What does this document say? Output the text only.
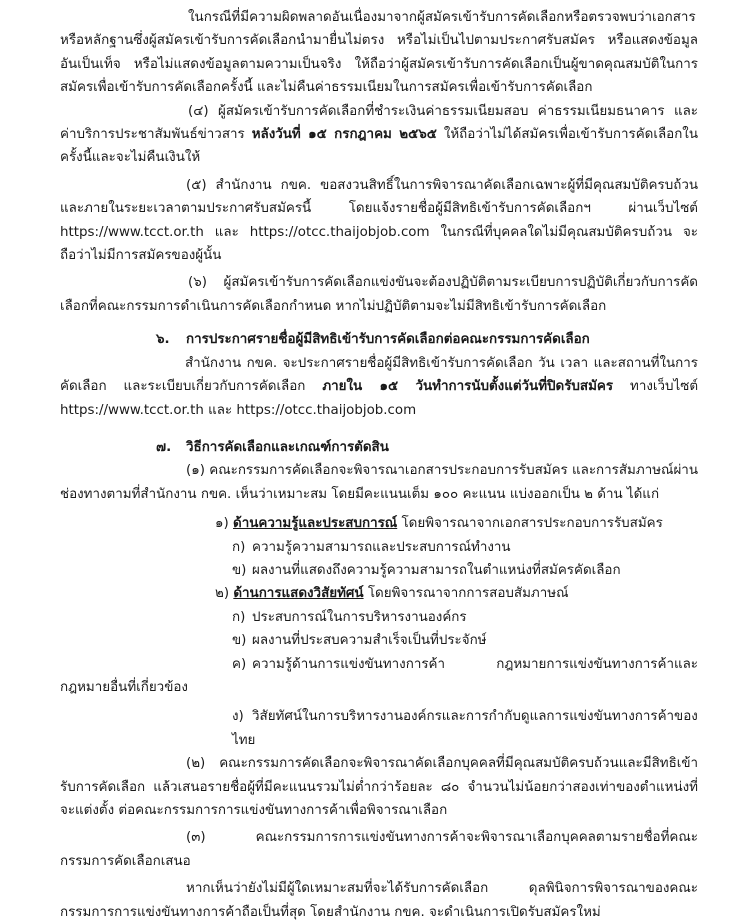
ในกรณีที่มีความผิดพลาดอันเนื่องมาจากผู้สมัครเข้ารับการคัดเลือกหรือตรวจพบว่าเอกสารหรือหลักฐานซึ่งผู้สมัครเข้ารับการคัดเลือกนำมายื่นไม่ตรง หรือไม่เป็นไปตามประกาศรับสมัคร หรือแสดงข้อมูลอันเป็นเท็จ หรือไม่แสดงข้อมูลตามความเป็นจริง ให้ถือว่าผู้สมัครเข้ารับการคัดเลือกเป็นผู้ขาดคุณสมบัติในการสมัครเพื่อเข้ารับการคัดเลือกครั้งนี้ และไม่คืนค่าธรรมเนียมในการสมัครเพื่อเข้ารับการคัดเลือก

(๔) ผู้สมัครเข้ารับการคัดเลือกที่ชำระเงินค่าธรรมเนียมสอบ ค่าธรรมเนียมธนาคาร และค่าบริการประชาสัมพันธ์ข่าวสาร หลังวันที่ ๑๕ กรกฎาคม ๒๕๖๕ ให้ถือว่าไม่ได้สมัครเพื่อเข้ารับการคัดเลือกในครั้งนี้และจะไม่คืนเงินให้

(๕) สำนักงาน กขค. ขอสงวนสิทธิ์ในการพิจารณาคัดเลือกเฉพาะผู้ที่มีคุณสมบัติครบถ้วนและภายในระยะเวลาตามประกาศรับสมัครนี้ โดยแจ้งรายชื่อผู้มีสิทธิเข้ารับการคัดเลือกฯ ผ่านเว็บไซต์ https://www.tcct.or.th และ https://otcc.thaijobjob.com ในกรณีที่บุคคลใดไม่มีคุณสมบัติครบถ้วน จะถือว่าไม่มีการสมัครของผู้นั้น

(๖) ผู้สมัครเข้ารับการคัดเลือกแข่งขันจะต้องปฏิบัติตามระเบียบการปฏิบัติเกี่ยวกับการคัดเลือกที่คณะกรรมการดำเนินการคัดเลือกกำหนด หากไม่ปฏิบัติตามจะไม่มีสิทธิเข้ารับการคัดเลือก

๖. การประกาศรายชื่อผู้มีสิทธิเข้ารับการคัดเลือกต่อคณะกรรมการคัดเลือก

สำนักงาน กขค. จะประกาศรายชื่อผู้มีสิทธิเข้ารับการคัดเลือก วัน เวลา และสถานที่ในการคัดเลือก และระเบียบเกี่ยวกับการคัดเลือก ภายใน ๑๕ วันทำการนับตั้งแต่วันที่ปิดรับสมัคร ทางเว็บไซต์ https://www.tcct.or.th และ https://otcc.thaijobjob.com

๗. วิธีการคัดเลือกและเกณฑ์การตัดสิน

(๑) คณะกรรมการคัดเลือกจะพิจารณาเอกสารประกอบการรับสมัคร และการสัมภาษณ์ผ่านช่องทางตามที่สำนักงาน กขค. เห็นว่าเหมาะสม โดยมีคะแนนเต็ม ๑๐๐ คะแนน แบ่งออกเป็น ๒ ด้าน ได้แก่

๑) ด้านความรู้และประสบการณ์ โดยพิจารณาจากเอกสารประกอบการรับสมัคร

ก) ความรู้ความสามารถและประสบการณ์ทำงาน

ข) ผลงานที่แสดงถึงความรู้ความสามารถในตำแหน่งที่สมัครคัดเลือก

๒) ด้านการแสดงวิสัยทัศน์ โดยพิจารณาจากการสอบสัมภาษณ์

ก) ประสบการณ์ในการบริหารงานองค์กร

ข) ผลงานที่ประสบความสำเร็จเป็นที่ประจักษ์

ค) ความรู้ด้านการแข่งขันทางการค้า กฎหมายการแข่งขันทางการค้าและกฎหมายอื่นที่เกี่ยวข้อง

ง) วิสัยทัศน์ในการบริหารงานองค์กรและการกำกับดูแลการแข่งขันทางการค้าของไทย

(๒) คณะกรรมการคัดเลือกจะพิจารณาคัดเลือกบุคคลที่มีคุณสมบัติครบถ้วนและมีสิทธิเข้ารับการคัดเลือก แล้วเสนอรายชื่อผู้ที่มีคะแนนรวมไม่ต่ำกว่าร้อยละ ๘๐ จำนวนไม่น้อยกว่าสองเท่าของตำแหน่งที่จะแต่งตั้ง ต่อคณะกรรมการการแข่งขันทางการค้าเพื่อพิจารณาเลือก

(๓) คณะกรรมการการแข่งขันทางการค้าจะพิจารณาเลือกบุคคลตามรายชื่อที่คณะกรรมการคัดเลือกเสนอ

หากเห็นว่ายังไม่มีผู้ใดเหมาะสมที่จะได้รับการคัดเลือก ดุลพินิจการพิจารณาของคณะกรรมการการแข่งขันทางการค้าถือเป็นที่สุด โดยสำนักงาน กขค. จะดำเนินการเปิดรับสมัครใหม่
